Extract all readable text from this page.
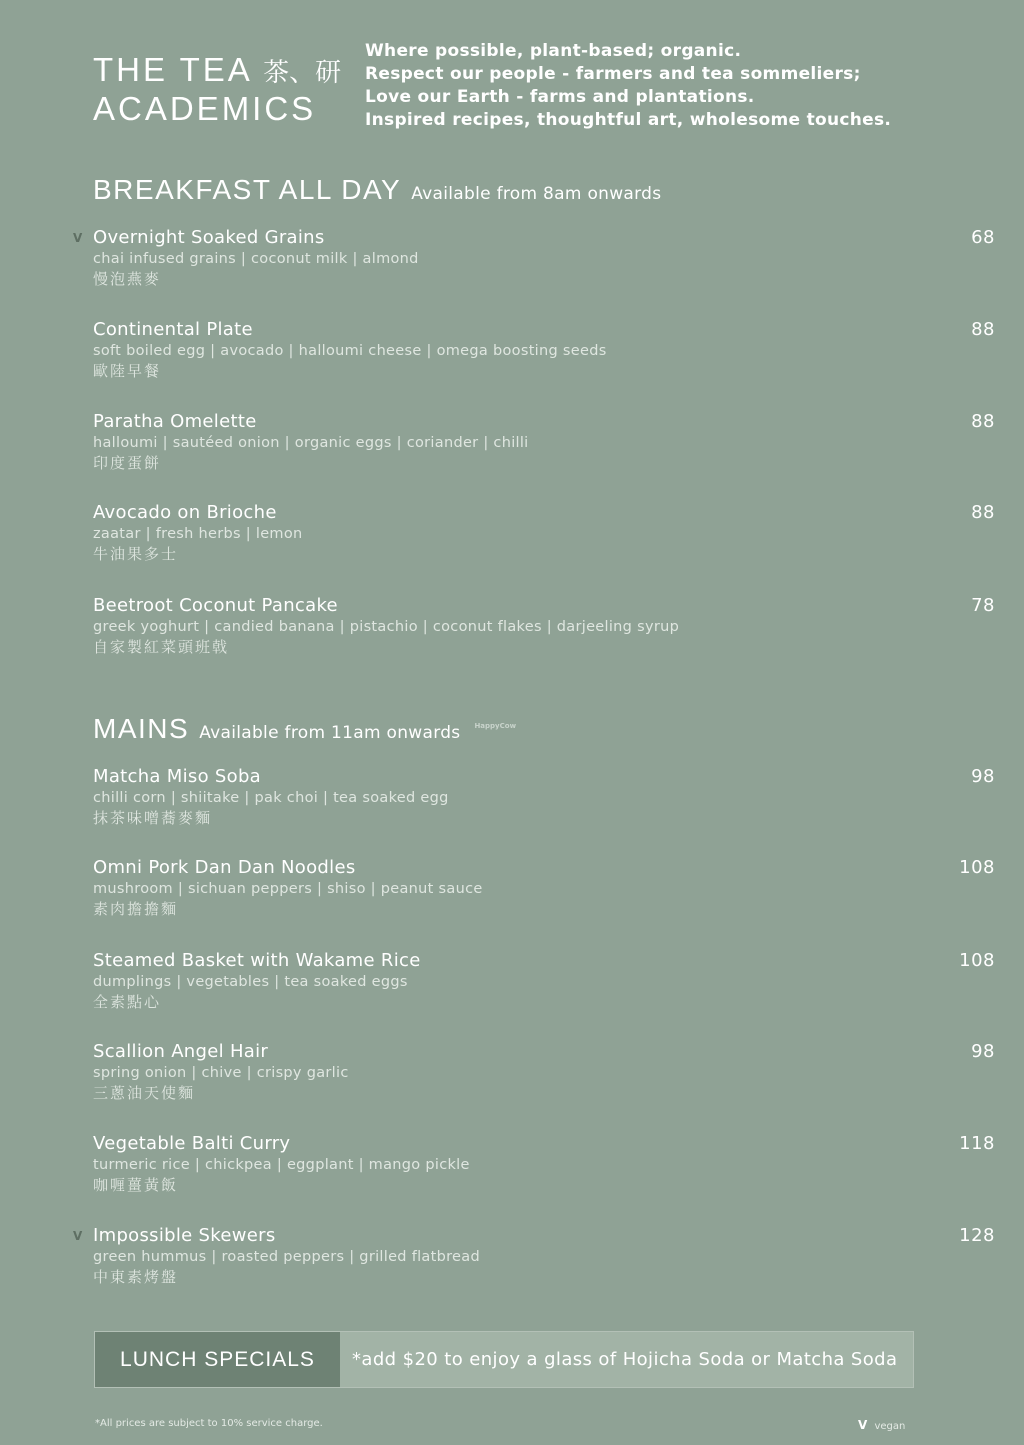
THE TEA 茶、研
ACADEMICS
Where possible, plant-based; organic.
Respect our people - farmers and tea sommeliers;
Love our Earth - farms and plantations.
Inspired recipes, thoughtful art, wholesome touches.
BREAKFAST ALL DAY Available from 8am onwards
V Overnight Soaked Grains
chai infused grains | coconut milk | almond
慢泡燕麥
68
Continental Plate
soft boiled egg | avocado | halloumi cheese | omega boosting seeds
歐陸早餐
88
Paratha Omelette
halloumi | sautéed onion | organic eggs | coriander | chilli
印度蛋餅
88
Avocado on Brioche
zaatar | fresh herbs | lemon
牛油果多士
88
Beetroot Coconut Pancake
greek yoghurt | candied banana | pistachio | coconut flakes | darjeeling syrup
自家製紅菜頭班戟
78
MAINS Available from 11am onwards HappyCow
Matcha Miso Soba
chilli corn | shiitake | pak choi | tea soaked egg
抹茶味噌蕎麥麵
98
Omni Pork Dan Dan Noodles
mushroom | sichuan peppers | shiso | peanut sauce
素肉擔擔麵
108
Steamed Basket with Wakame Rice
dumplings | vegetables | tea soaked eggs
全素點心
108
Scallion Angel Hair
spring onion | chive | crispy garlic
三蔥油天使麵
98
Vegetable Balti Curry
turmeric rice | chickpea | eggplant | mango pickle
咖喱薑黃飯
118
V Impossible Skewers
green hummus | roasted peppers | grilled flatbread
中東素烤盤
128
LUNCH SPECIALS	*add $20 to enjoy a glass of Hojicha Soda or Matcha Soda
*All prices are subject to 10% service charge.	V vegan
